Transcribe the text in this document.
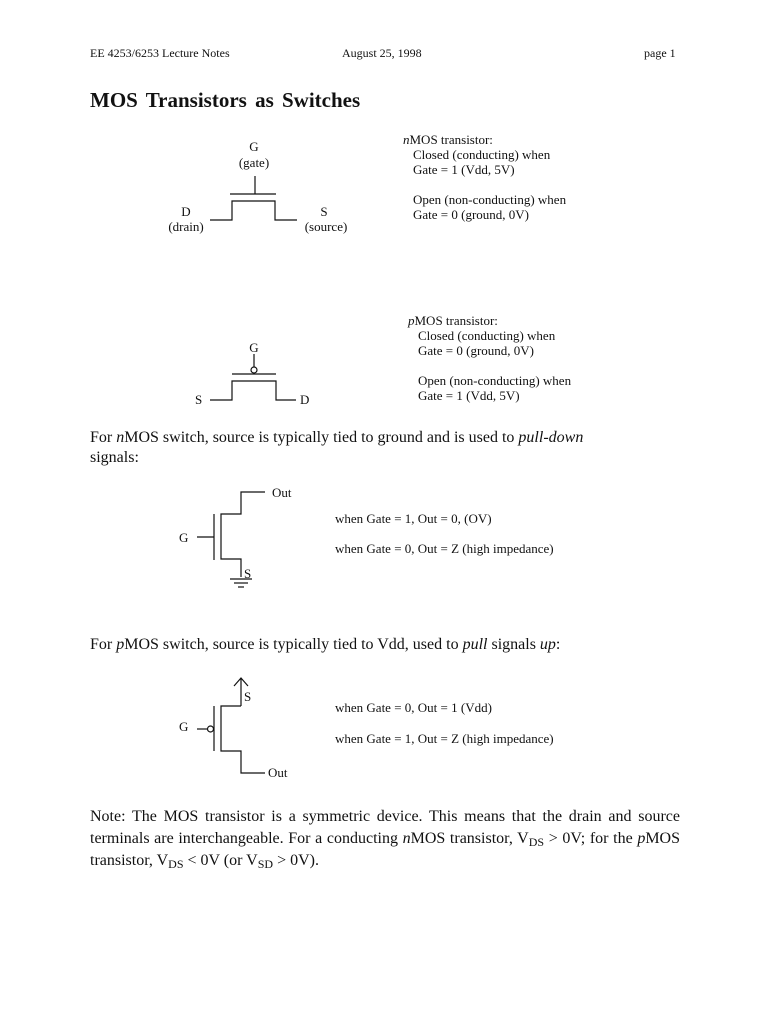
EE 4253/6253 Lecture Notes	August 25, 1998	page 1
MOS Transistors as Switches
G
(gate)
D
(drain)
S
(source)
nMOS transistor:
Closed (conducting) when
Gate = 1 (Vdd, 5V)
Open (non-conducting) when
Gate = 0 (ground, 0V)
G
S	D
pMOS transistor:
Closed (conducting) when
Gate = 0 (ground, 0V)
Open (non-conducting) when
Gate = 1 (Vdd, 5V)
For nMOS switch, source is typically tied to ground and is used to pull-down
signals:
Out
G
S
when Gate = 1, Out = 0, (OV)
when Gate = 0, Out = Z (high impedance)
For pMOS switch, source is typically tied to Vdd, used to pull signals up:
S
G
Out
when Gate = 0, Out = 1 (Vdd)
when Gate = 1, Out = Z (high impedance)
Note: The MOS transistor is a symmetric device. This means that the drain and source terminals are interchangeable. For a conducting nMOS transistor, $V_{DS} > 0V$; for the pMOS transistor, $V_{DS} < 0V$ (or $V_{SD} > 0V$).
